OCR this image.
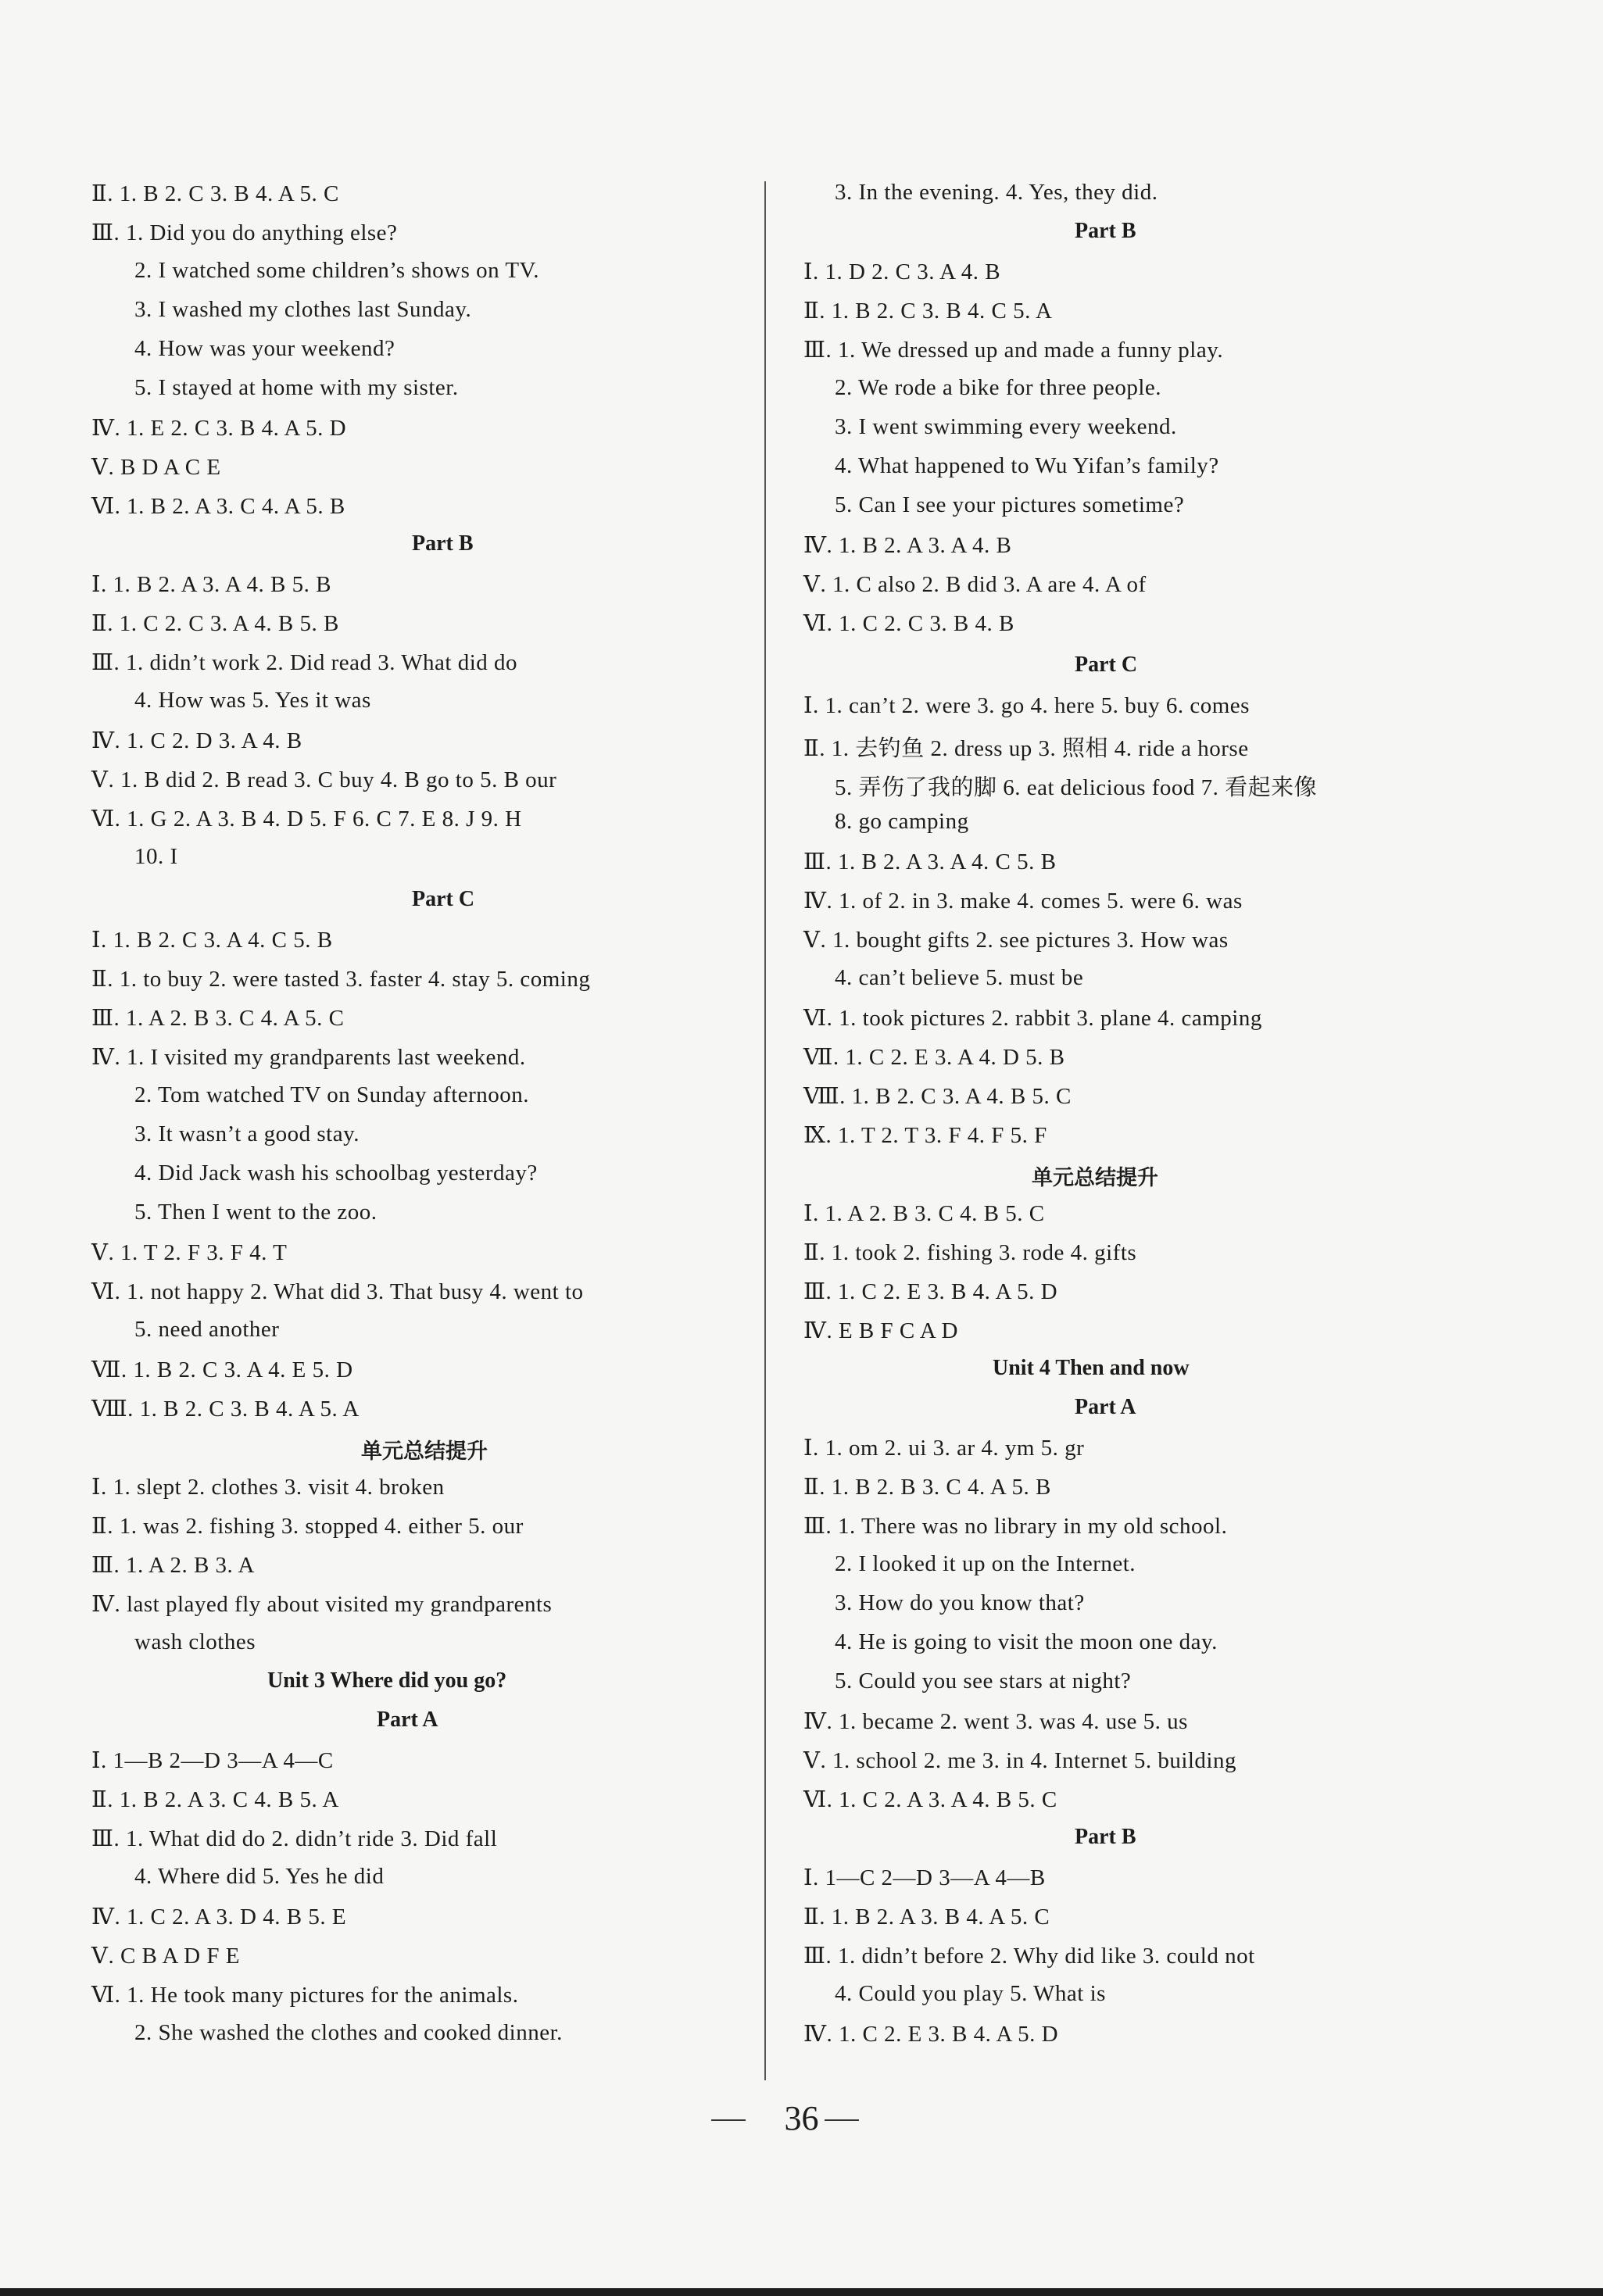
Ⅱ. 1. B 2. C 3. B 4. A 5. C
Ⅲ. 1. Did you do anything else?
2. I watched some children’s shows on TV.
3. I washed my clothes last Sunday.
4. How was your weekend?
5. I stayed at home with my sister.
Ⅳ. 1. E 2. C 3. B 4. A 5. D
Ⅴ. B D A C E
Ⅵ. 1. B 2. A 3. C 4. A 5. B
Part B
Ⅰ. 1. B 2. A 3. A 4. B 5. B
Ⅱ. 1. C 2. C 3. A 4. B 5. B
Ⅲ. 1. didn’t work 2. Did read 3. What did do
4. How was 5. Yes it was
Ⅳ. 1. C 2. D 3. A 4. B
Ⅴ. 1. B did 2. B read 3. C buy 4. B go to 5. B our
Ⅵ. 1. G 2. A 3. B 4. D 5. F 6. C 7. E 8. J 9. H
10. I
Part C
Ⅰ. 1. B 2. C 3. A 4. C 5. B
Ⅱ. 1. to buy 2. were tasted 3. faster 4. stay 5. coming
Ⅲ. 1. A 2. B 3. C 4. A 5. C
Ⅳ. 1. I visited my grandparents last weekend.
2. Tom watched TV on Sunday afternoon.
3. It wasn’t a good stay.
4. Did Jack wash his schoolbag yesterday?
5. Then I went to the zoo.
Ⅴ. 1. T 2. F 3. F 4. T
Ⅵ. 1. not happy 2. What did 3. That busy 4. went to
5. need another
Ⅶ. 1. B 2. C 3. A 4. E 5. D
Ⅷ. 1. B 2. C 3. B 4. A 5. A
单元总结提升
Ⅰ. 1. slept 2. clothes 3. visit 4. broken
Ⅱ. 1. was 2. fishing 3. stopped 4. either 5. our
Ⅲ. 1. A 2. B 3. A
Ⅳ. last played fly about visited my grandparents
wash clothes
Unit 3 Where did you go?
Part A
Ⅰ. 1—B 2—D 3—A 4—C
Ⅱ. 1. B 2. A 3. C 4. B 5. A
Ⅲ. 1. What did do 2. didn’t ride 3. Did fall
4. Where did 5. Yes he did
Ⅳ. 1. C 2. A 3. D 4. B 5. E
Ⅴ. C B A D F E
Ⅵ. 1. He took many pictures for the animals.
2. She washed the clothes and cooked dinner.
3. In the evening. 4. Yes, they did.
Part B
Ⅰ. 1. D 2. C 3. A 4. B
Ⅱ. 1. B 2. C 3. B 4. C 5. A
Ⅲ. 1. We dressed up and made a funny play.
2. We rode a bike for three people.
3. I went swimming every weekend.
4. What happened to Wu Yifan’s family?
5. Can I see your pictures sometime?
Ⅳ. 1. B 2. A 3. A 4. B
Ⅴ. 1. C also 2. B did 3. A are 4. A of
Ⅵ. 1. C 2. C 3. B 4. B
Part C
Ⅰ. 1. can’t 2. were 3. go 4. here 5. buy 6. comes
Ⅱ. 1. 去钓鱼 2. dress up 3. 照相 4. ride a horse
5. 弄伤了我的脚 6. eat delicious food 7. 看起来像
8. go camping
Ⅲ. 1. B 2. A 3. A 4. C 5. B
Ⅳ. 1. of 2. in 3. make 4. comes 5. were 6. was
Ⅴ. 1. bought gifts 2. see pictures 3. How was
4. can’t believe 5. must be
Ⅵ. 1. took pictures 2. rabbit 3. plane 4. camping
Ⅶ. 1. C 2. E 3. A 4. D 5. B
Ⅷ. 1. B 2. C 3. A 4. B 5. C
Ⅸ. 1. T 2. T 3. F 4. F 5. F
单元总结提升
Ⅰ. 1. A 2. B 3. C 4. B 5. C
Ⅱ. 1. took 2. fishing 3. rode 4. gifts
Ⅲ. 1. C 2. E 3. B 4. A 5. D
Ⅳ. E B F C A D
Unit 4 Then and now
Part A
Ⅰ. 1. om 2. ui 3. ar 4. ym 5. gr
Ⅱ. 1. B 2. B 3. C 4. A 5. B
Ⅲ. 1. There was no library in my old school.
2. I looked it up on the Internet.
3. How do you know that?
4. He is going to visit the moon one day.
5. Could you see stars at night?
Ⅳ. 1. became 2. went 3. was 4. use 5. us
Ⅴ. 1. school 2. me 3. in 4. Internet 5. building
Ⅵ. 1. C 2. A 3. A 4. B 5. C
Part B
Ⅰ. 1—C 2—D 3—A 4—B
Ⅱ. 1. B 2. A 3. B 4. A 5. C
Ⅲ. 1. didn’t before 2. Why did like 3. could not
4. Could you play 5. What is
Ⅳ. 1. C 2. E 3. B 4. A 5. D
36
